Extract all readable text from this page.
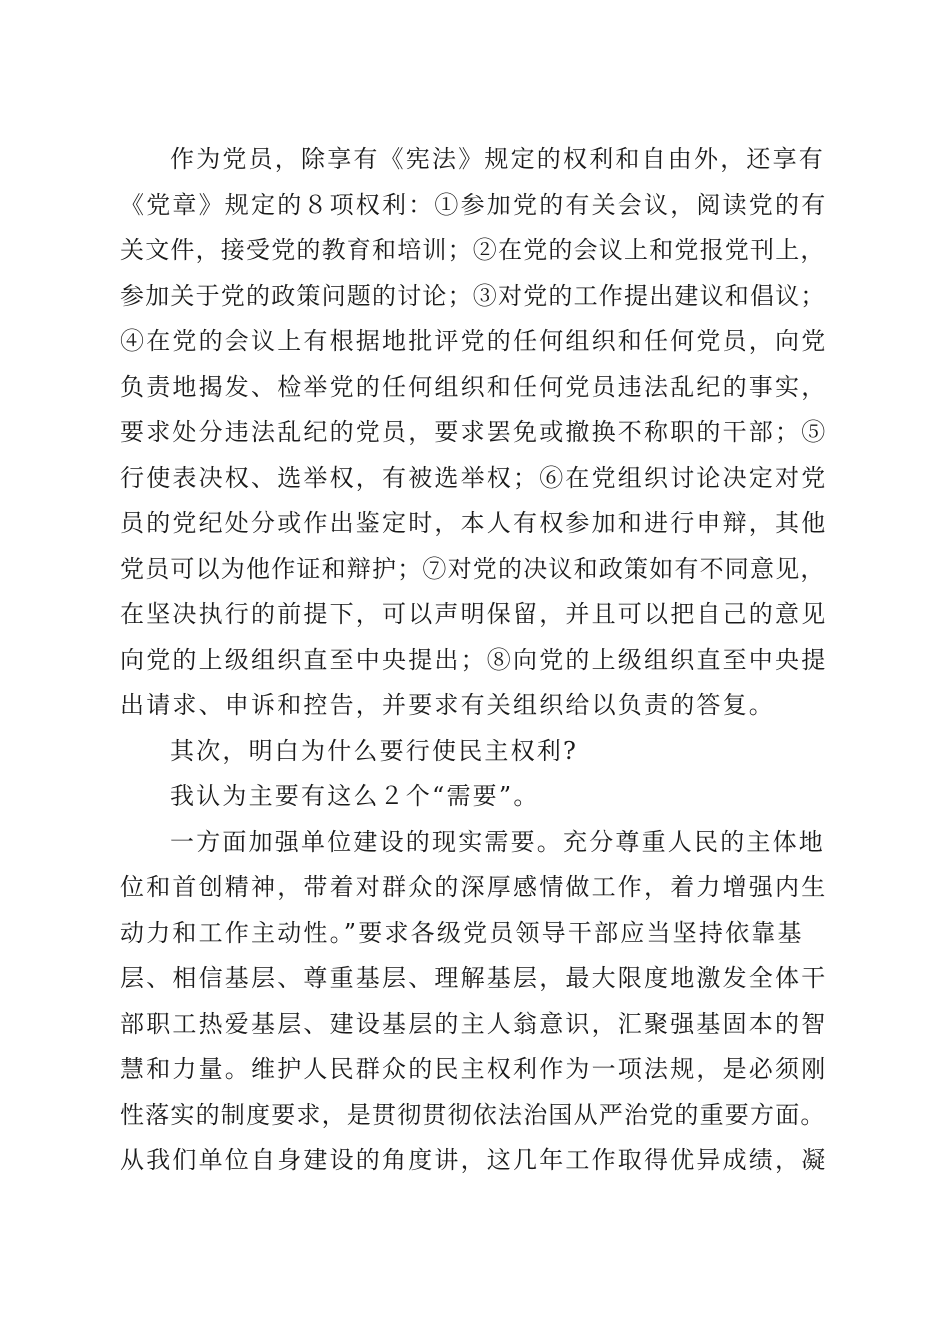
作为党员，除享有《宪法》规定的权利和自由外，还享有
《党章》规定的８项权利：①参加党的有关会议，阅读党的有
关文件，接受党的教育和培训；②在党的会议上和党报党刊上，
参加关于党的政策问题的讨论；③对党的工作提出建议和倡议；
④在党的会议上有根据地批评党的任何组织和任何党员，向党
负责地揭发、检举党的任何组织和任何党员违法乱纪的事实，
要求处分违法乱纪的党员，要求罢免或撤换不称职的干部；⑤
行使表决权、选举权，有被选举权；⑥在党组织讨论决定对党
员的党纪处分或作出鉴定时，本人有权参加和进行申辩，其他
党员可以为他作证和辩护；⑦对党的决议和政策如有不同意见，
在坚决执行的前提下，可以声明保留，并且可以把自己的意见
向党的上级组织直至中央提出；⑧向党的上级组织直至中央提
出请求、申诉和控告，并要求有关组织给以负责的答复。
其次，明白为什么要行使民主权利?
我认为主要有这么２个“需要”。
一方面加强单位建设的现实需要。充分尊重人民的主体地
位和首创精神，带着对群众的深厚感情做工作，着力增强内生
动力和工作主动性。”要求各级党员领导干部应当坚持依靠基
层、相信基层、尊重基层、理解基层，最大限度地激发全体干
部职工热爱基层、建设基层的主人翁意识，汇聚强基固本的智
慧和力量。维护人民群众的民主权利作为一项法规，是必须刚
性落实的制度要求，是贯彻贯彻依法治国从严治党的重要方面。
从我们单位自身建设的角度讲，这几年工作取得优异成绩，凝
